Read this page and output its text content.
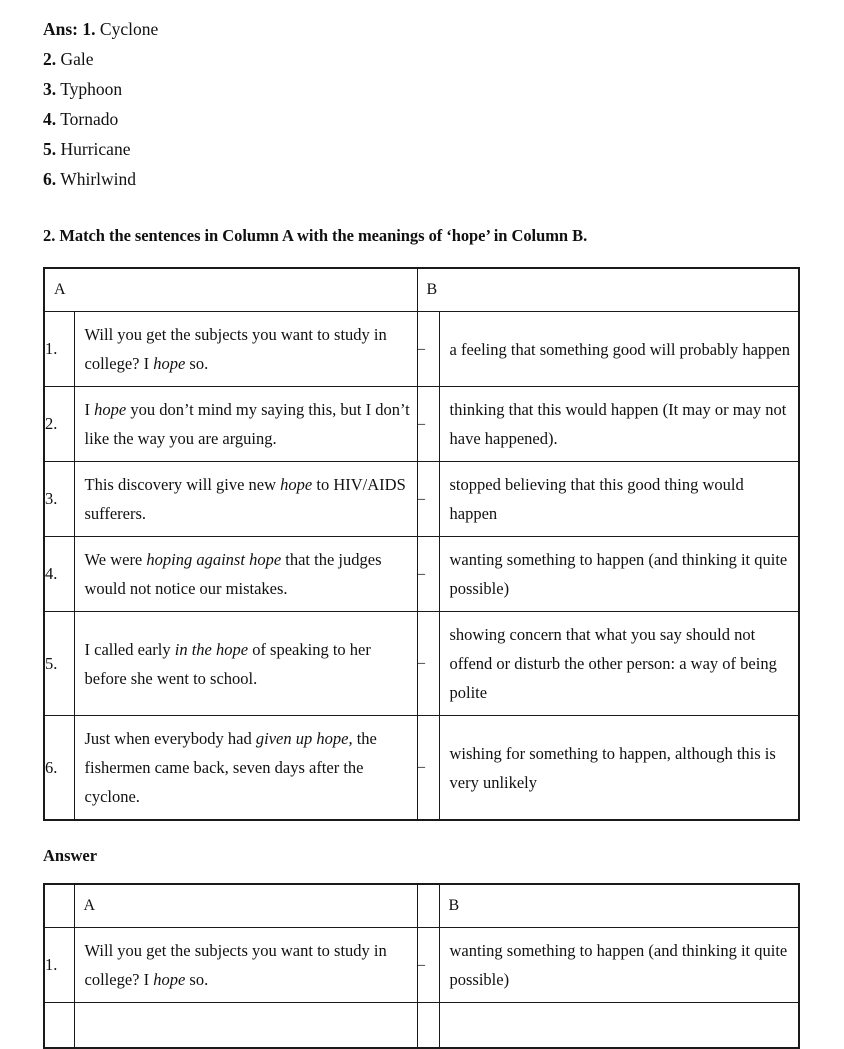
Ans: 1. Cyclone
2. Gale
3. Typhoon
4. Tornado
5. Hurricane
6. Whirlwind
2. Match the sentences in Column A with the meanings of ‘hope’ in Column B.
A		B	
1.	Will you get the subjects you want to study in college? I hope so.	–	a feeling that something good will probably happen
2.	I hope you don’t mind my saying this, but I don’t like the way you are arguing.	–	thinking that this would happen (It may or may not have happened).
3.	This discovery will give new hope to HIV/AIDS sufferers.	–	stopped believing that this good thing would happen
4.	We were hoping against hope that the judges would not notice our mistakes.	–	wanting something to happen (and thinking it quite possible)
5.	I called early in the hope of speaking to her before she went to school.	–	showing concern that what you say should not offend or disturb the other person: a way of being polite
6.	Just when everybody had given up hope, the fishermen came back, seven days after the cyclone.	–	wishing for something to happen, although this is very unlikely
Answer
	A		B
1.	Will you get the subjects you want to study in college? I hope so.	–	wanting something to happen (and thinking it quite possible)
